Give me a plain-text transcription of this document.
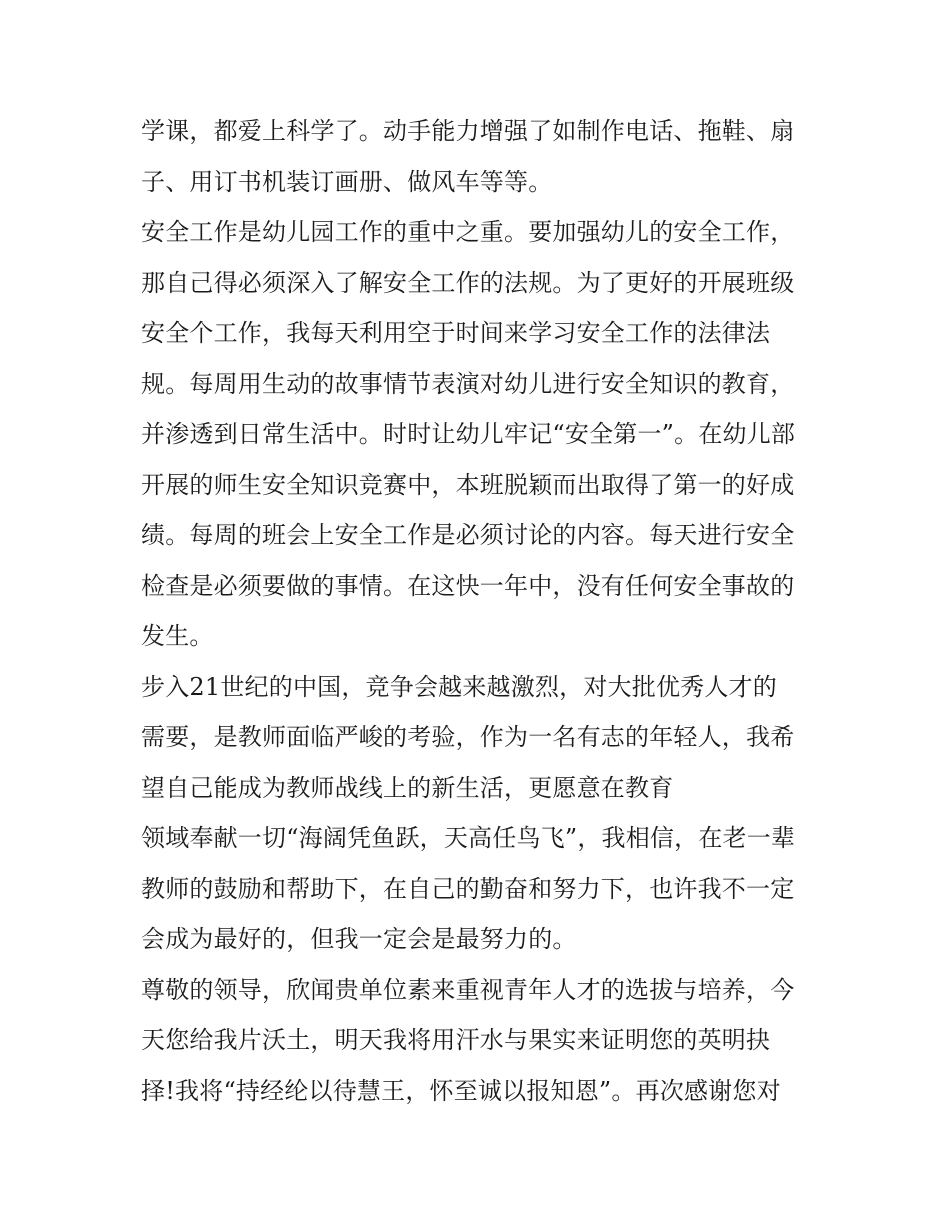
学课，都爱上科学了。动手能力增强了如制作电话、拖鞋、扇
子、用订书机装订画册、做风车等等。
安全工作是幼儿园工作的重中之重。要加强幼儿的安全工作，
那自己得必须深入了解安全工作的法规。为了更好的开展班级
安全个工作，我每天利用空于时间来学习安全工作的法律法
规。每周用生动的故事情节表演对幼儿进行安全知识的教育，
并渗透到日常生活中。时时让幼儿牢记“安全第一”。在幼儿部
开展的师生安全知识竞赛中，本班脱颖而出取得了第一的好成
绩。每周的班会上安全工作是必须讨论的内容。每天进行安全
检查是必须要做的事情。在这快一年中，没有任何安全事故的
发生。
步入21世纪的中国，竞争会越来越激烈，对大批优秀人才的
需要，是教师面临严峻的考验，作为一名有志的年轻人，我希
望自己能成为教师战线上的新生活，更愿意在教育
领域奉献一切“海阔凭鱼跃，天高任鸟飞”，我相信，在老一辈
教师的鼓励和帮助下，在自己的勤奋和努力下，也许我不一定
会成为最好的，但我一定会是最努力的。
尊敬的领导，欣闻贵单位素来重视青年人才的选拔与培养，今
天您给我片沃土，明天我将用汗水与果实来证明您的英明抉
择!我将“持经纶以待慧王，怀至诚以报知恩”。再次感谢您对
